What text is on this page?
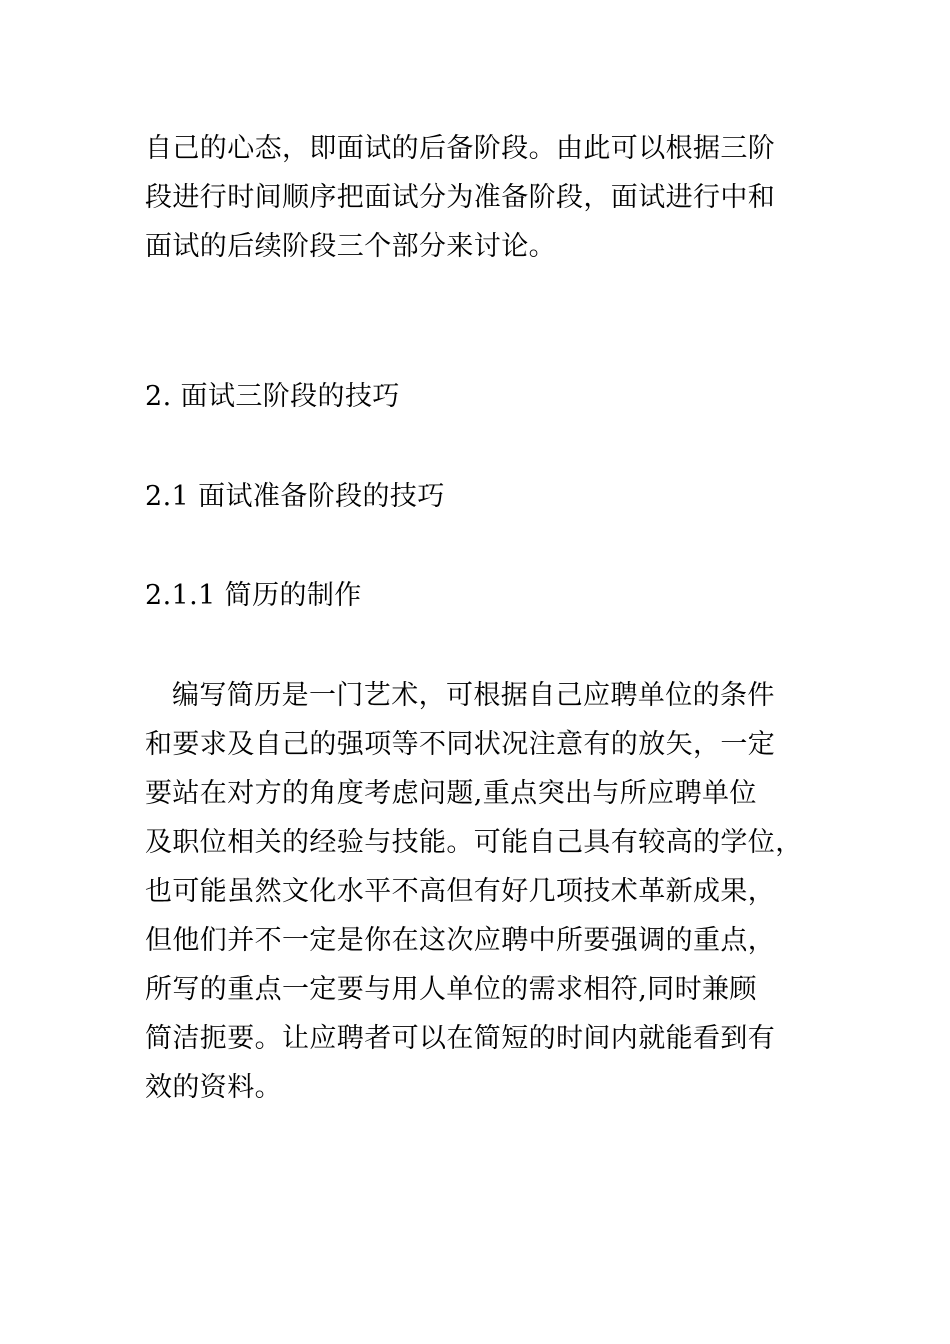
自己的心态，即面试的后备阶段。由此可以根据三阶
段进行时间顺序把面试分为准备阶段，面试进行中和
面试的后续阶段三个部分来讨论。
2. 面试三阶段的技巧
2.1 面试准备阶段的技巧
2.1.1 简历的制作
编写简历是一门艺术，可根据自己应聘单位的条件
和要求及自己的强项等不同状况注意有的放矢，一定
要站在对方的角度考虑问题,重点突出与所应聘单位
及职位相关的经验与技能。可能自己具有较高的学位，
也可能虽然文化水平不高但有好几项技术革新成果，
但他们并不一定是你在这次应聘中所要强调的重点，
所写的重点一定要与用人单位的需求相符,同时兼顾
简洁扼要。让应聘者可以在简短的时间内就能看到有
效的资料。
